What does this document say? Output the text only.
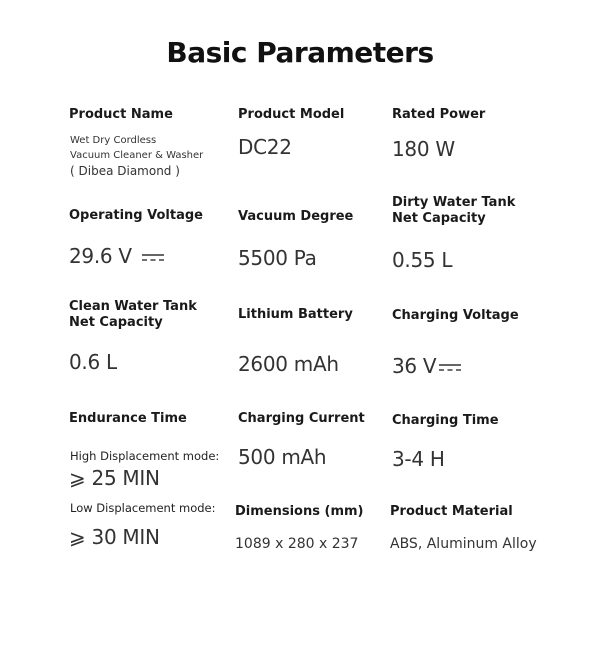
Basic Parameters
Product Name
Wet Dry Cordless
Vacuum Cleaner & Washer
( Dibea Diamond )
Product Model
DC22
Rated Power
180 W
Operating Voltage
29.6 V
Vacuum Degree
5500 Pa
Dirty Water Tank
Net Capacity
0.55 L
Clean Water Tank
Net Capacity
0.6 L
Lithium Battery
2600 mAh
Charging Voltage
36 V
Endurance Time
High Displacement mode:
⩾ 25 MIN
Low Displacement mode:
⩾ 30 MIN
Charging Current
500 mAh
Charging Time
3-4 H
Dimensions (mm)
1089 x 280 x 237
Product Material
ABS, Aluminum Alloy
